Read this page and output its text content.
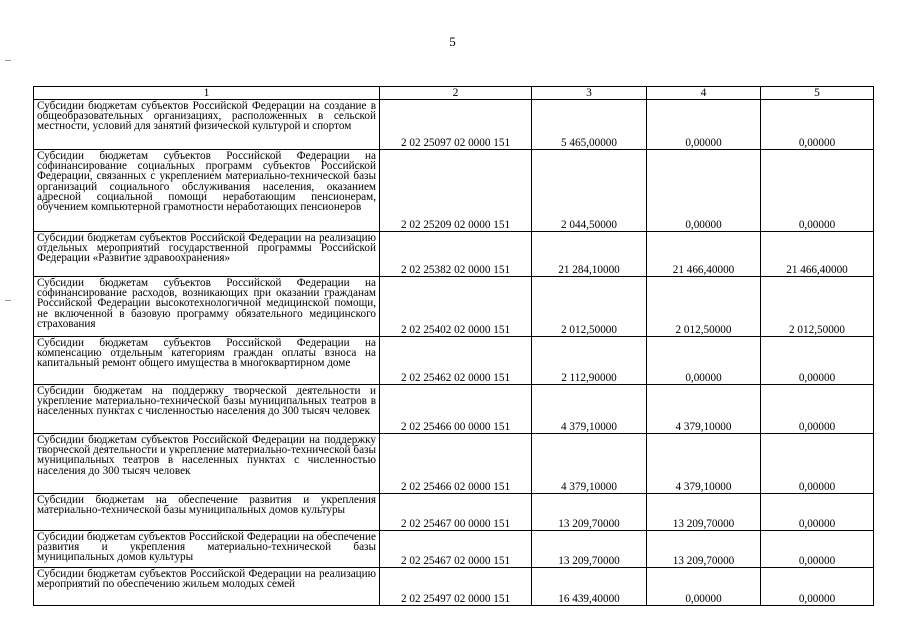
5
1	2	3	4	5
Субсидии бюджетам субъектов Российской Федерации на создание в общеобразовательных организациях, расположенных в сельской местности, условий для занятий физической культурой и спортом	2 02 25097 02 0000 151	5 465,00000	0,00000	0,00000
Субсидии бюджетам субъектов Российской Федерации на софинансирование социальных программ субъектов Российской Федерации, связанных с укреплением материально-технической базы организаций социального обслуживания населения, оказанием адресной социальной помощи неработающим пенсионерам, обучением компьютерной грамотности неработающих пенсионеров	2 02 25209 02 0000 151	2 044,50000	0,00000	0,00000
Субсидии бюджетам субъектов Российской Федерации на реализацию отдельных мероприятий государственной программы Российской Федерации «Развитие здравоохранения»	2 02 25382 02 0000 151	21 284,10000	21 466,40000	21 466,40000
Субсидии бюджетам субъектов Российской Федерации на софинансирование расходов, возникающих при оказании гражданам Российской Федерации высокотехнологичной медицинской помощи, не включенной в базовую программу обязательного медицинского страхования	2 02 25402 02 0000 151	2 012,50000	2 012,50000	2 012,50000
Субсидии бюджетам субъектов Российской Федерации на компенсацию отдельным категориям граждан оплаты взноса на капитальный ремонт общего имущества в многоквартирном доме	2 02 25462 02 0000 151	2 112,90000	0,00000	0,00000
Субсидии бюджетам на поддержку творческой деятельности и укрепление материально-технической базы муниципальных театров в населенных пунктах с численностью населения до 300 тысяч человек	2 02 25466 00 0000 151	4 379,10000	4 379,10000	0,00000
Субсидии бюджетам субъектов Российской Федерации на поддержку творческой деятельности и укрепление материально-технической базы муниципальных театров в населенных пунктах с численностью населения до 300 тысяч человек	2 02 25466 02 0000 151	4 379,10000	4 379,10000	0,00000
Субсидии бюджетам на обеспечение развития и укрепления материально-технической базы муниципальных домов культуры	2 02 25467 00 0000 151	13 209,70000	13 209,70000	0,00000
Субсидии бюджетам субъектов Российской Федерации на обеспечение развития и укрепления материально-технической базы муниципальных домов культуры	2 02 25467 02 0000 151	13 209,70000	13 209,70000	0,00000
Субсидии бюджетам субъектов Российской Федерации на реализацию мероприятий по обеспечению жильем молодых семей	2 02 25497 02 0000 151	16 439,40000	0,00000	0,00000
